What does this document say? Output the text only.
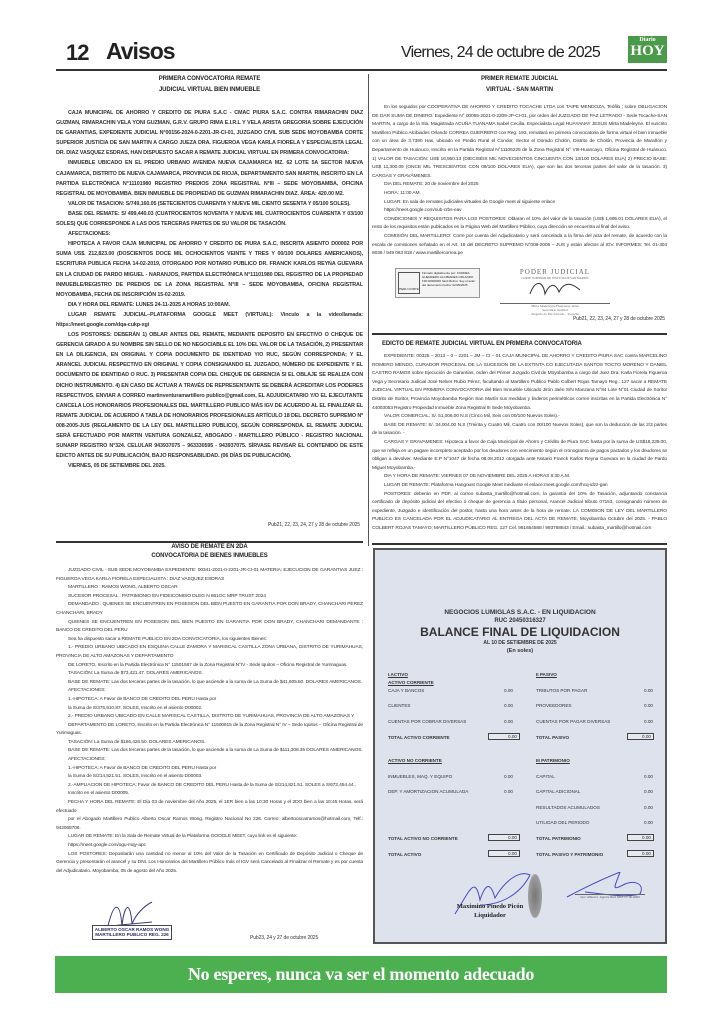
12 Avisos	Viernes, 24 de octubre de 2025
Diario
HOY
PRIMERA CONVOCATORIA REMATE
JUDICIAL VIRTUAL BIEN INMUEBLE

CAJA MUNICIPAL DE AHORRO Y CREDITO DE PIURA S.A.C - CMAC PIURA S.A.C. CONTRA RIMARACHIN DIAZ GUZMAN, RIMARACHIN VELA YONI GUZMAN, G.R.V. GRUPO RIMA E.I.R.L Y VELA ARISTA GREGORIA SOBRE EJECUCIÓN DE GARANTIAS, EXPEDIENTE JUDICIAL N°00156-2024-0-2201-JR-CI-01, JUZGADO CIVIL SUB SEDE MOYOBAMBA CORTE SUPERIOR JUSTICIA DE SAN MARTIN A CARGO JUEZA DRA. FIGUEROA VEGA KARLA FIORELA Y ESPECIALISTA LEGAL DR. DIAZ VASQUEZ ESDRAS, HAN DISPUESTO SACAR A REMATE JUDICIAL VIRTUAL EN PRIMERA CONVOCATORIA:

INMUEBLE UBICADO EN EL PREDIO URBANO AVENIDA NUEVA CAJAMARCA MZ. 62 LOTE 5A SECTOR NUEVA CAJAMARCA, DISTRITO DE NUEVA CAJAMARCA, PROVINCIA DE RIOJA, DEPARTAMENTO SAN MARTIN, INSCRITO EN LA PARTIDA ELECTRÓNICA N°11101980 REGISTRO PREDIOS ZONA REGISTRAL N°III – SEDE MOYOBAMBA, OFICINA REGISTRAL DE MOYOBAMBA. BIEN INMUEBLE DE PROPIEDAD DE GUZMAN RIMARACHIN DIAZ. ÁREA: 420.00 M2.

VALOR DE TASACION: S/749,160.05 (SETECIENTOS CUARENTA Y NUEVE MIL CIENTO SESENTA Y 05/100 SOLES).

BASE DEL REMATE: S/ 499,440.03 (CUATROCIENTOS NOVENTA Y NUEVE MIL CUATROCIENTOS CUARENTA Y 03/100 SOLES) QUE CORRESPONDE A LAS DOS TERCERAS PARTES DE SU VALOR DE TASACIÓN.

AFECTACIONES:

HIPOTECA A FAVOR CAJA MUNICIPAL DE AHORRO Y CREDITO DE PIURA S.A.C, INSCRITA ASIENTO D00002 POR SUMA US$. 212,823.00 (DOSCIENTOS DOCE MIL OCHOCIENTOS VEINTE Y TRES Y 00/100 DOLARES AMERICANOS), ESCRITURA PUBLICA FECHA 14-02-2019, OTORGADO POR NOTARIO PUBLICO DR. FRANCK KARLOS REYNA GUEVARA EN LA CIUDAD DE PARDO MIGUEL - NARANJOS, PARTIDA ELECTRÓNICA N°11101980 DEL REGISTRO DE LA PROPIEDAD INMUEBLE/REGISTRO DE PREDIOS DE LA ZONA REGISTRAL N°III – SEDE MOYOBAMBA, OFICINA REGISTRAL MOYOBAMBA, FECHA DE INSCRIPCIÓN 15-02-2019.

DIA Y HORA DEL REMATE: LUNES 24-11-2025 A HORAS 10:00AM.

LUGAR REMATE JUDICIAL–PLATAFORMA GOOGLE MEET (VIRTUAL): Vinculo a la videollamada: https://meet.google.com/dqa-cukp-xgi

LOS POSTORES: DEBERÁN 1) OBLAR ANTES DEL REMATE, MEDIANTE DEPOSITO EN EFECTIVO O CHEQUE DE GERENCIA GIRADO A SU NOMBRE SIN SELLO DE NO NEGOCIABLE EL 10% DEL VALOR DE LA TASACIÓN, 2) PRESENTAR EN LA DILIGENCIA, EN ORIGINAL Y COPIA DOCUMENTO DE IDENTIDAD Y/O RUC, SEGÚN CORRESPONDA; Y EL ARANCEL JUDICIAL RESPECTIVO EN ORIGINAL Y COPIA CONSIGNANDO EL JUZGADO, NÚMERO DE EXPEDIENTE Y EL DOCUMENTO DE IDENTIDAD O RUC. 3) PRESENTAR COPIA DEL CHEQUE DE GERENCIA SI EL OBLAJE SE REALIZA CON DICHO INSTRUMENTO. 4) EN CASO DE ACTUAR A TRAVÉS DE REPRESENTANTE SE DEBERÁ ACREDITAR LOS PODERES RESPECTIVOS. ENVIAR A CORREO martinventuramartillero publico@gmail.com, EL ADJUDICATARIO Y/O EL EJECUTANTE CANCELA LOS HONORARIOS PROFESIONALES DEL MARTILLERO PUBLICO MÁS IGV DE ACUERDO AL EL FINALIZAR EL REMATE JUDICIAL DE ACUERDO A TABLA DE HONORARIOS PROFESIONALES ARTÍCULO 18 DEL DECRETO SUPREMO Nº 008-2005-JUS (REGLAMENTO DE LA LEY DEL MARTILLERO PUBLICO), SEGÚN CORRESPONDA. EL REMATE JUDICIAL SERÁ EFECTUADO POR MARTIN VENTURA GONZALEZ, ABOGADO - MARTILLERO PÚBLICO - REGISTRO NACIONAL SUNARP REGISTRO N°324. CELULAR 943937075 – 963330595 - 943937075. SÍRVASE REVISAR EL CONTENIDO DE ESTE EDICTO ANTES DE SU PUBLICACIÓN, BAJO RESPONSABILIDAD. (06 DÍAS DE PUBLICACIÓN).

VIERNES, 05 DE SETIEMBRE DEL 2025.

Pub21, 22, 23, 24, 27 y 28 de octubre 2025
AVISO DE REMATE EN 2DA
CONVOCATORIA DE BIENES INMUEBLES

JUZGADO CIVIL - SUB SEDE MOYOBAMBA EXPEDIENTE: 00341-2021-0-2201-JR-CI-01 MATERIA: EJECUCION DE GARANTIAS JUEZ : FIGUEROA VEGA KARLA FIORELA ESPECIALISTA : DIAZ VASQUEZ ESDRAS

MARTILLERO : RAMOS WONG, ALBERTO OSCAR

SUCESOR PROCESAL : PATRIMONIO EN FIDEICOMISO DLEG N 861OC MRP TRUST 2024

DEMANDADO : QUIENES SE ENCUENTREN EN POSESION DEL BIEN PUESTO EN GARANTIA POR DON BRADY, CHANCHARI PEREZ CHANCHARI, BRADY

QUIENES SE ENCUENTREN EN POSESION DEL BIEN PUESTO EN GARANTIA POR DON BRADY, CHANCHARI DEMANDANTE : BANCO DE CREDITO DEL PERU

Sea ha dispuesto sacar a REMATE PUBLICO EN 2DA CONVOCATORIA, los siguientes Bienes:

1.- PREDIO URBANO UBICADO EN ESQUINA CALLE ZAMORA Y MARISCAL CASTILLA ZONA URBANA, DISTRITO DE YURIMAHUAS, PROVINCIA DE ALTO AMAZONAS Y DEPARTAMENTO

DE LORETO, Inscrito en la Partida Electrónica N° 11501567 de la Zona Registral N°IV - Sede Iquitos – Oficina Registral de Yurimaguas.

TASACIÓN: La Suma de $73,421.47. DOLARES AMERICANOS.

BASE DE REMATE: Las dos terceras partes de la tasación, lo que asciende a la suma de La Suma de $41,605.50. DOLARES AMERICANOS.

AFECTACIONES:

1.-HIPOTECA: A Favor de BANCO DE CREDITO DEL PERU Hasta por

la Suma de S/375,910.87. SOLES, Inscrito en el asiento D00002.

2.- PREDIO URBANO UBICADO EN CALLE MARISCAL CASTILLA, DISTRITO DE YURIMAHUAS, PROVINCIA DE ALTO AMAZONAS Y

DEPARTAMENTO DE LORETO, Inscrito en la Partida Electrónica N° 11500915 de la Zona Registral N° IV – Sede Iquitos – Oficina Registral de Yurimaguas.

TASACIÓN: La Suma de $166,426.50. DOLARES AMERICANOS.

BASE DE REMATE: Las dos terceras partes de la tasación, lo que asciende a la suma de La Suma de $111,308.35 DOLARES AMERICANOS.

AFECTACIONES:

1.-HIPOTECA: A Favor de BANCO DE CREDITO DEL PERU Hasta por

la Suma de S/214,821.51. SOLES, Inscrito en el asiento D00003.

2.-AMPLIACION DE HIPOTECA: Favor de BANCO DE CREDITO DEL PERU Hasta de la Suma de S/214,821.51. SOLES a S/672,454.44.,

Inscrito en el asiento D00005.

FECHA Y HORA DEL REMATE: El Día 03 de noviembre del Año 2025, el 1ER bien a las 10:30 Horas y el 2DO bien a las 10:45 Horas, será efectuado

por el Abogado Martillero Publico Alberto Oscar Ramos Wong, Registro Nacional No 226. Correo: albertooscarramos@hotmail.com, Telf.: 942068706.

LUGAR DE REMATE: En la Sala de Remate Virtual de la Plataforma GOOGLE MEET, cuyo link es el siguiente:

https://meet.google.com/ogu-mqy-apc

LOS POSTORES: Depositarán una cantidad no menor al 10% del Valor de la Tasación en Certificado de Depósito Judicial o Cheque de Gerencia y presentarán el arancel y su DNI. Los Honorarios del Martillero Público más el IGV será Cancelado al Finalizar el Remate y es por cuenta del Adjudicatario. Moyobamba, 05 de agosto del Año 2025.

ALBERTO OSCAR RAMOS WONG MARTILLERO PUBLICO REG. 226
Pub23, 24 y 27 de octubre 2025
PRIMER REMATE JUDICIAL
VIRTUAL - SAN MARTIN

En los seguidos por COOPERATIVA DE AHORRO Y CREDITO TOCACHE LTDA con TAIPE MENDOZA, Teófilo ; sobre OBLIGACION DE DAR SUMA DE DINERO. Expediente N° 00055-2021-0-2209-JP-CI-01, por orden del JUZGADO DE PAZ LETRADO - Sede Tocache-SAN MARTIN, a cargo de la Sta. Magistrada ACUÑA TUANAMA Isabel Cecilia, Especialista Legal HUAYANAY JESUS Mirta Madeleyne. El suscrito Martillero Público Alcibiades Orlando CORREA GUERRERO con Reg. 193, rematará en primera convocatoria de forma virtual el bien inmueble con un área de 3.7390 Has, ubicado en Predio Rural el Condor, Sector el Dorado Cholón, Distrito de Cholón, Provincia de Marañón y Departamento de Huánuco, Inscrito en la Partida Registral N°11105225 de la Zona Registral N° VIII-Huancayo, Oficina Registral de Huánuco. 1) VALOR DE TASACIÓN: US$ 16,950.13 (DIECISÉIS MIL NOVECIENTOS CINCUENTA CON 13/100 DÓLARES EUA) 2) PRECIO BASE: US$ 11,300.09 (ONCE MIL TRESCIENTOS CON 09/100 DÓLARES EUA), que son las dos terceras partes del valor de la tasación. 3) CARGAS Y GRAVÁMENES.

DIA DEL REMATE: 20 de noviembre del 2025

HORA: 11:00 AM

LUGAR: En sala de remates judiciales virtuales de Google meet al siguiente enlace

https://meet.google.com/sub-crbs-eav

CONDICIONES Y REQUISITOS PARA LOS POSTORES: Oblaran el 10% del valor de la tasación (US$ 1,695.01 DOLARES EUA), el resto de los requisitos están publicados en la Página Web del Martillero Público, cuya dirección se encuentra al final del aviso.

COMISIÓN DEL MARTILLERO: Corre por cuenta del Adjudicatario y será cancelada a la firma del acta del remate, de acuerdo con la escala de comisiones señalado en el Art. 18 del DECRETO SUPREMO N°008-2005 – JUS y están afectos al IGV. INFORMES: Tel. 01-304 8039 / 949 063 818 / www.martillercorrea.pe

PERU CORTE
Firmado digitalmente por: CORREA GUERRERO ALCIBIADES ORLANDO FIR 00000000 hard Motivo: Soy el autor del documento Fecha: 02/09/2025
PODER JUDICIAL
CORTE SUPERIOR DE JUSTICIA DE SAN MARTIN
Mirta Madeleyne Huayanay Jesus
Secretaria Judicial
Juzgado de Paz Letrado - Tocache
Pub21, 22, 23, 24, 27 y 28 de octubre 2025
EDICTO DE REMATE JUDICIAL VIRTUAL EN PRIMERA CONVOCATORIA

EXPEDIENTE: 00325 – 2013 – 0 – 2201 – JM – CI – 01 CAJA MUNICIPAL DE AHORRO Y CREDITO PIURA SAC contra MARCELINO ROMERO MENDO, CURADOR PROCESAL DE LA SUCESION DE LA EXTINTA CO EJECUTADA SANTOS TOCTO MORENO Y DANIEL CASTRO RAMOS sobre Ejecución de Garantías, orden del Primer Juzgado Civil de Moyobamba a cargo del Juez Dra. Karla Fiorela Figueroa Vega y Secretario Judicial José Nelver Rubio Pérez, facultando al Martillero Publico Pablo Colbert Rojas Tamayo Reg.: 127 sacar a REMATE JUDICIAL VIRTUAL EN PRIMERA CONVOCATORIA del Bien Inmueble Ubicado Jirón Jaén S/N Manzana N°84 Lote N°01 Ciudad de Soritor Distrito de Soritor, Provincia Moyobamba Región San Martín sus medidas y linderos perimétricos corren inscritas en la Partida Electrónica N° 44003053 Registro Propiedad Inmueble Zona Registral III Sede Moyobamba.

VALOR COMERCIAL: S/. 51,006.00 N.S (Cinco Mil, Seis con 00/100 Nuevos Soles).-

BASE DE REMATE: S/. 34,004.00 N.S (Treinta y Cuatro Mil, Cuatro con 00/100 Nuevos Soles), que son la deducción de las 2/3 partes de la tasación. -

CARGAS Y GRAVAMENES: Hipoteca a favor de Caja Municipal de Ahorro y Crédito de Piura SAC hasta por la suma de US$18,239.00, que se refleja en un pagare incompleto aceptado por los deudores con vencimiento según el cronograma de pagos pactados y los deudores se obligan a devolver. Mediante E.P N°1047 de fecha 08.08.2012 otorgada ante Notario Franck Karlos Reyna Guevara en la ciudad de Pardo Miguel Moyobamba.-

DIA Y HORA DE REMATE: VIERNES 07 DE NOVIEMBRE DEL 2025 A HORAS 8:30 A.M.

LUGAR DE REMATE: Plataforma Hangoust Google Meet mediante el enlace:meet.google.com/hcq-idzz-gan

POSTORES: deberán en PDF, al correo subasta_martillo@hotmail.com, la garantía del 10% de Tasación, adjuntando constancia certificado de depósito judicial del efectivo ó cheque de gerencia a título personal, Arancel Judicial tributo 07153, consignando número de expediente, Juzgado e identificación del postor, hasta una hora antes de la hora de remate. LA COMISION DE LEY DEL MARTILLERO PUBLICO ES CANCELADA POR EL ADJUDICATARIO AL ENTREGA DEL ACTA DE REMATE, Moyobamba Octubre del 2025. - PABLO COLBERT ROJAS TAMAYO; MARTILLERO PÚBLICO REG. 127 Cel. 981654588 / 993768843 / Email.: subasta_martillo@hotmail.com

NEGOCIOS LUMIGLAS S.A.C. - EN LIQUIDACION
RUC 20450316327
BALANCE FINAL DE LIQUIDACION
AL 10 DE SETIEMBRE DE 2025
(En soles)
I.ACTIVO
ACTIVO CORRIENTE
II PASIVO
ACTIVO NO CORRIENTE	III PATRIMONIO
CAJA Y BANCOS	0.00
CLIENTES	0.00
CUENTAS POR COBRAR DIVERSAS	0.00
TOTAL ACTIVO CORRIENTE	0.00
INMUEBLES, MAQ. Y EQUIPO	0.00
DEP. Y AMORTIZACION ACUMULADA	0.00
TOTAL ACTIVO NO CORRIENTE	0.00
TOTAL ACTIVO	0.00
TRIBUTOS POR PAGAR	0.00
PROVEEDORES	0.00
CUENTAS POR PAGAR DIVERSAS	0.00
TOTAL PASIVO	0.00
CAPITAL	0.00
CAPITAL ADICIONAL	0.00
RESULTADOS ACUMULADOS	0.00
UTILIDAD DEL PERIODO	0.00
TOTAL PATRIMONIO	0.00
TOTAL PASIVO Y PATRIMONIO	0.00
Maximino Pinedo Picón
Liquidador
Cpc. Alberto I. Aguirre Ruiz MAT. N° 00-0000
No esperes, nunca va ser el momento adecuado
